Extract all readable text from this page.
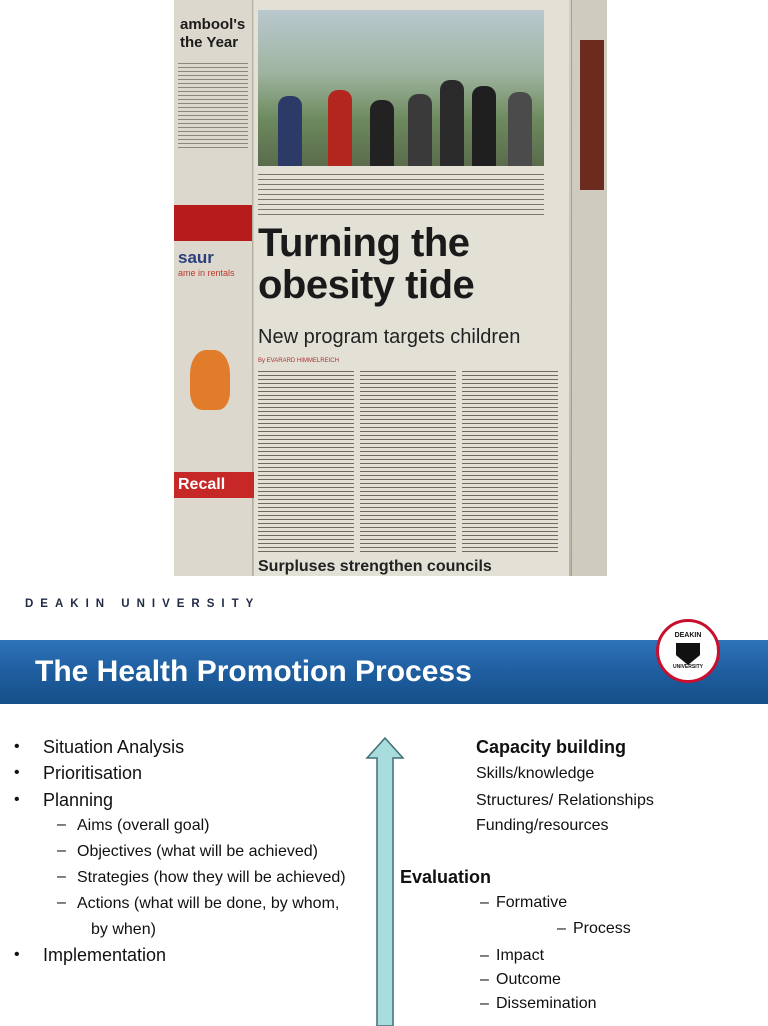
ambool's
the Year
saur
ame in rentals
Recall
Turning the
obesity tide
New program targets children
By EVARARD HIMMELREICH
Surpluses strengthen councils
DEAKIN UNIVERSITY
The Health Promotion Process
DEAKIN
UNIVERSITY
• Situation Analysis
• Prioritisation
• Planning
– Aims (overall goal)
– Objectives (what will be achieved)
– Strategies (how they will be achieved)
– Actions (what will be done, by whom,
by when)
• Implementation
Capacity building
Skills/knowledge
Structures/ Relationships
Funding/resources
Evaluation
– Formative
– Process
– Impact
– Outcome
– Dissemination
